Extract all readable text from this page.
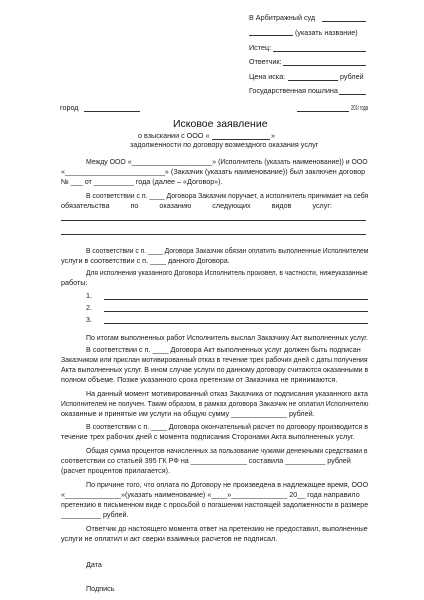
В Арбитражный суд
(указать название)
Истец:
Ответчик:
Цена иска:	рублей
Государственная пошлина
город	201г года
Исковое заявление
о взыскании с ООО «	»
задолженности по договору возмездного оказания услуг
Между ООО «_____________________» (Исполнитель (указать наименование)) и ООО
«_________________________» (Заказчик (указать наименование)) был заключен договор
№ ___ от __________ года (далее – «Договор»).
В соответствии с п. ____ Договора Заказчик поручает, а исполнитель принимает на себя
обязательства по оказанию следующих видов услуг:
В соответствии с п. ____ Договора Заказчик обязан оплатить выполненные Исполнителем
услуги в соответствии с п. ____ данного Договора.
Для исполнения указанного Договора Исполнитель произвел, в частности, нижеуказанные
работы:
1.
2.
3.
По итогам выполненных работ Исполнитель выслал Заказчику Акт выполненных услуг.
В соответствии с п. ____ Договора Акт выполненных услуг должен быть подписан
Заказчиком или прислан мотивированный отказ в течение трех рабочих дней с даты получения
Акта выполненных услуг. В ином случае услуги по данному договору считаются оказанными в
полном объеме. Позже указанного срока претензии от Заказчика не принимаются.
На данный момент мотивированный отказ Заказчика от подписания указанного акта
Исполнителем не получен. Таким образом, в рамках договора Заказчик не оплатил Исполнителю
оказанные и принятые им услуги на общую сумму ______________ рублей.
В соответствии с п. ____ Договора окончательный расчет по договору производится в
течение трех рабочих дней с момента подписания Сторонами Акта выполненных услуг.
Общая сумма процентов начисленных за пользование чужими денежными средствами в
соответствии со статьей 395 ГК РФ на ______________ составила __________ рублей
(расчет процентов прилагается).
По причине того, что оплата по Договору не произведена в надлежащее время, ООО
«______________»(указать наименование) «____»______________ 20__ года направило
претензию в письменном виде с просьбой о погашении настоящей задолженности в размере
__________ рублей.
Ответчик до настоящего момента ответ на претензию не предоставил, выполненные
услуги не оплатил и акт сверки взаимных расчетов не подписал.
Дата
Подпись
